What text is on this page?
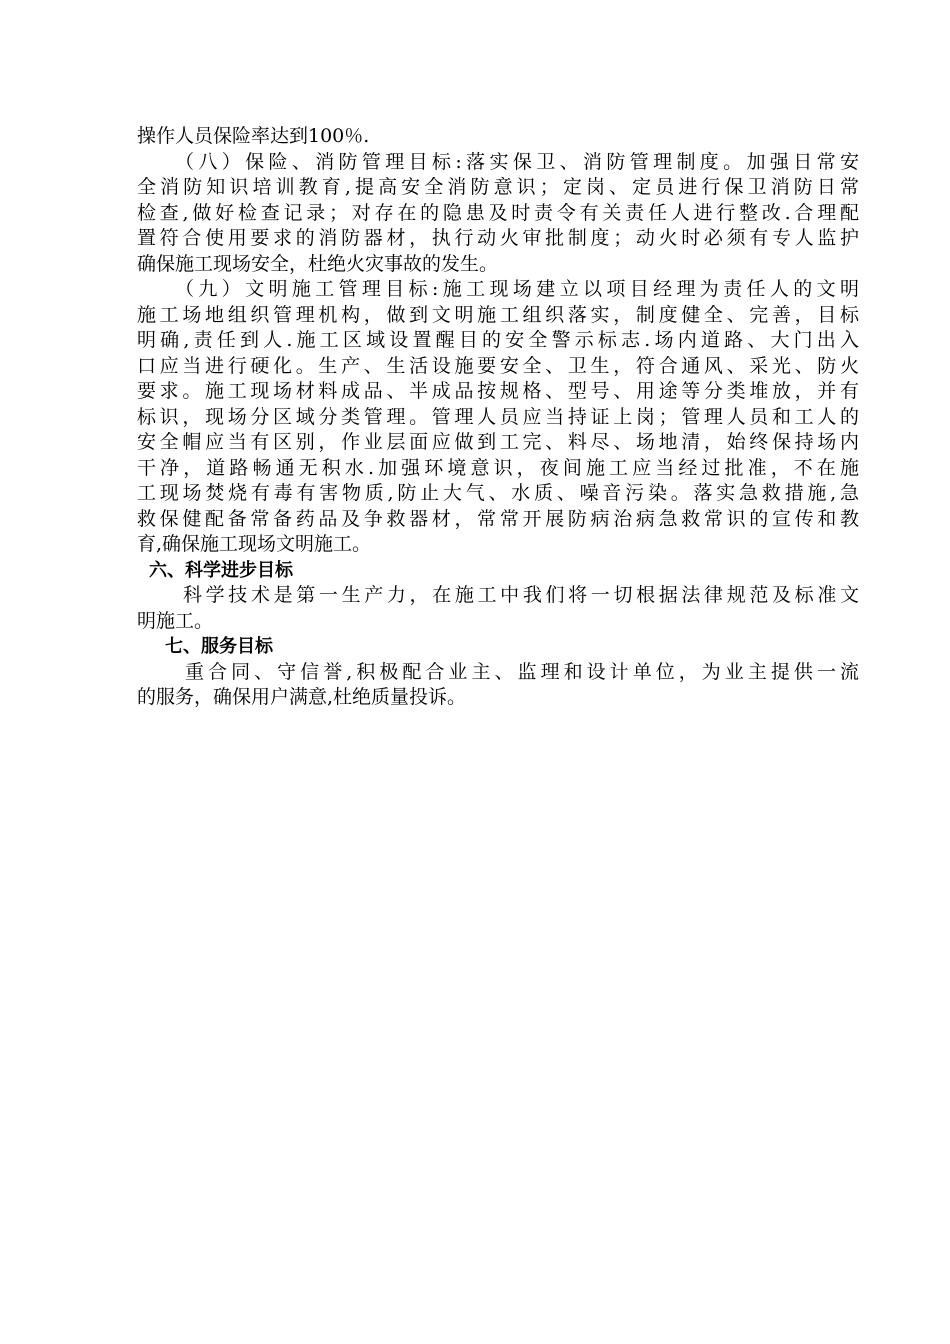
操作人员保险率达到100％.
（八）保险、消防管理目标:落实保卫、消防管理制度。加强日常安
全消防知识培训教育,提高安全消防意识；定岗、定员进行保卫消防日常
检查,做好检查记录；对存在的隐患及时责令有关责任人进行整改.合理配
置符合使用要求的消防器材，执行动火审批制度；动火时必须有专人监护
确保施工现场安全，杜绝火灾事故的发生。
（九）文明施工管理目标:施工现场建立以项目经理为责任人的文明
施工场地组织管理机构，做到文明施工组织落实，制度健全、完善，目标
明确,责任到人.施工区域设置醒目的安全警示标志.场内道路、大门出入
口应当进行硬化。生产、生活设施要安全、卫生，符合通风、采光、防火
要求。施工现场材料成品、半成品按规格、型号、用途等分类堆放，并有
标识，现场分区域分类管理。管理人员应当持证上岗；管理人员和工人的
安全帽应当有区别，作业层面应做到工完、料尽、场地清，始终保持场内
干净，道路畅通无积水.加强环境意识，夜间施工应当经过批准，不在施
工现场焚烧有毒有害物质,防止大气、水质、噪音污染。落实急救措施,急
救保健配备常备药品及争救器材，常常开展防病治病急救常识的宣传和教
育,确保施工现场文明施工。
六、科学进步目标
科学技术是第一生产力，在施工中我们将一切根据法律规范及标准文
明施工。
七、服务目标
重合同、守信誉,积极配合业主、监理和设计单位，为业主提供一流
的服务，确保用户满意,杜绝质量投诉。
